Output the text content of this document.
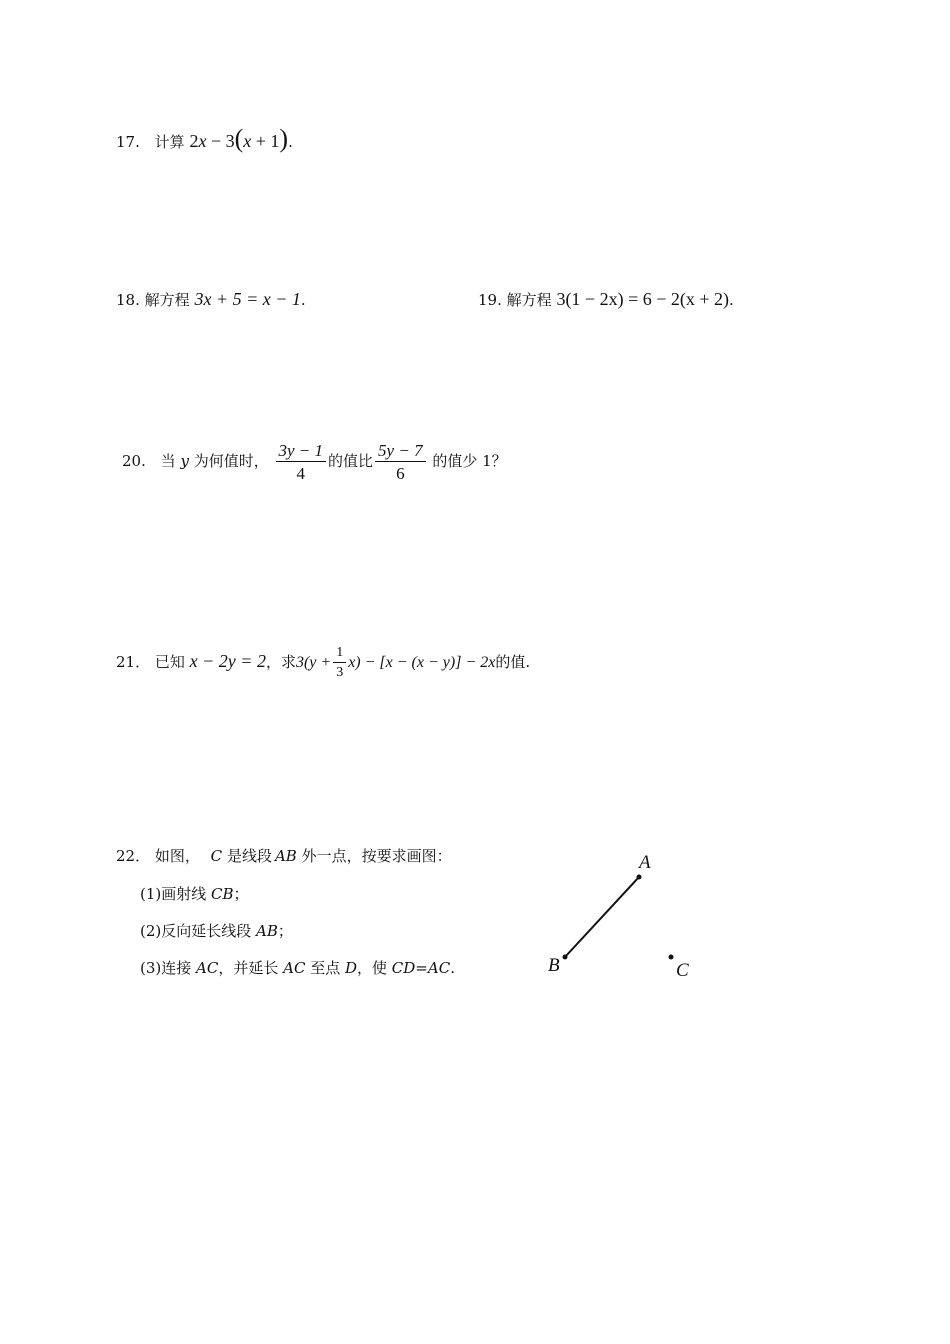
17. 计算 2x − 3(x + 1).
18. 解方程 3x + 5 = x − 1.	19. 解方程 3(1 − 2x) = 6 − 2(x + 2).
20. 当 y 为何值时， $\frac{3y - 1}{4}$ 的值比 $\frac{5y - 7}{6}$ 的值少 1？
21． 已知 x − 2y = 2，求$3(y + \frac{1}{3} x) - [x - (x - y)] - 2x$的值.
22． 如图， C 是线段 AB 外一点，按要求画图：
(1)画射线 CB；
(2)反向延长线段 AB；
(3)连接 AC，并延长 AC 至点 D，使 CD=AC.
A
B	C
